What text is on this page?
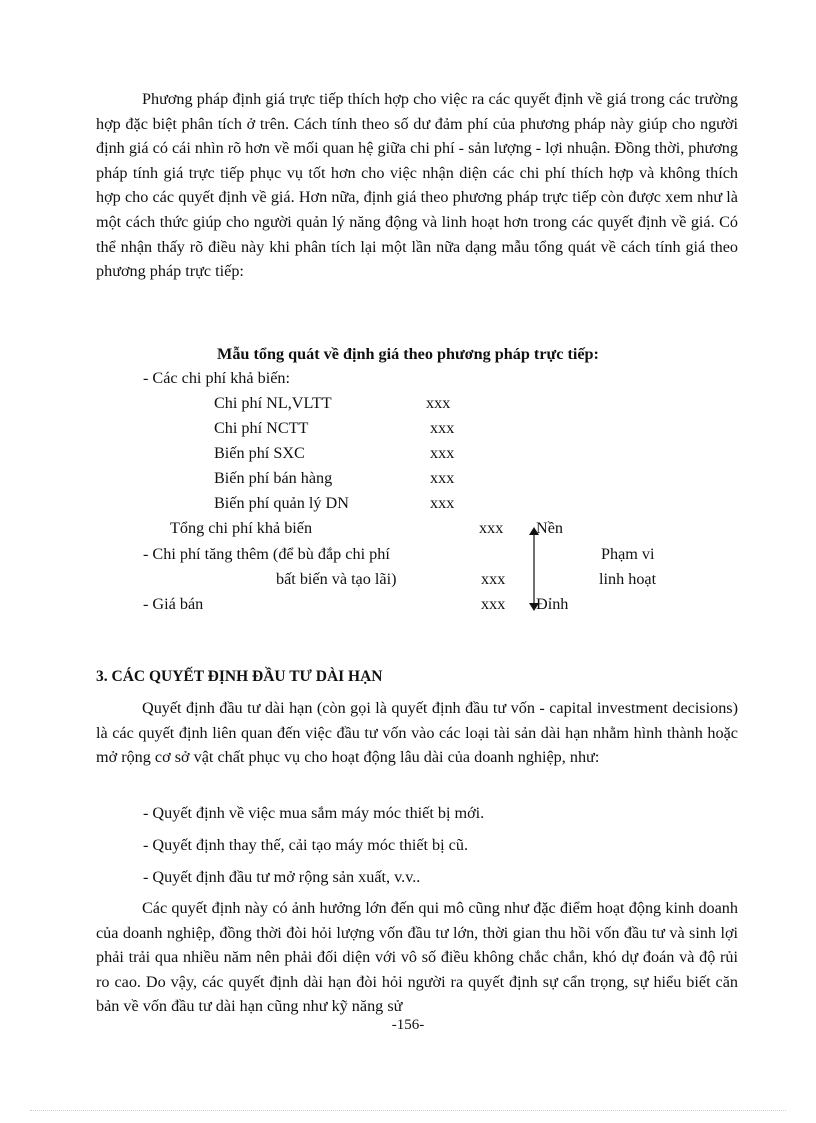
Phương pháp định giá trực tiếp thích hợp cho việc ra các quyết định về giá trong các trường hợp đặc biệt phân tích ở trên. Cách tính theo số dư đảm phí của phương pháp này giúp cho người định giá có cái nhìn rõ hơn về mối quan hệ giữa chi phí - sản lượng - lợi nhuận. Đồng thời, phương pháp tính giá trực tiếp phục vụ tốt hơn cho việc nhận diện các chi phí thích hợp và không thích hợp cho các quyết định về giá. Hơn nữa, định giá theo phương pháp trực tiếp còn được xem như là một cách thức giúp cho người quản lý năng động và linh hoạt hơn trong các quyết định về giá. Có thể nhận thấy rõ điều này khi phân tích lại một lần nữa dạng mẫu tổng quát về cách tính giá theo phương pháp trực tiếp:

Mẫu tổng quát về định giá theo phương pháp trực tiếp:

- Các chi phí khả biến:

Chi phí NL,VLTT	xxx

Chi phí NCTT	xxx

Biến phí SXC	xxx

Biến phí bán hàng	xxx

Biến phí quản lý DN	xxx

Tổng chi phí khả biến	xxx Nền

- Chi phí tăng thêm (để bù đắp chi phí	Phạm vi

bất biến và tạo lãi)	xxx	linh hoạt

- Giá bán	xxx Đỉnh

3. CÁC QUYẾT ĐỊNH ĐẦU TƯ DÀI HẠN

Quyết định đầu tư dài hạn (còn gọi là quyết định đầu tư vốn - capital investment decisions) là các quyết định liên quan đến việc đầu tư vốn vào các loại tài sản dài hạn nhằm hình thành hoặc mở rộng cơ sở vật chất phục vụ cho hoạt động lâu dài của doanh nghiệp, như:

- Quyết định về việc mua sắm máy móc thiết bị mới.

- Quyết định thay thế, cải tạo máy móc thiết bị cũ.

- Quyết định đầu tư mở rộng sản xuất, v.v..

Các quyết định này có ảnh hưởng lớn đến qui mô cũng như đặc điểm hoạt động kinh doanh của doanh nghiệp, đồng thời đòi hỏi lượng vốn đầu tư lớn, thời gian thu hồi vốn đầu tư và sinh lợi phải trải qua nhiều năm nên phải đối diện với vô số điều không chắc chắn, khó dự đoán và độ rủi ro cao. Do vậy, các quyết định dài hạn đòi hỏi người ra quyết định sự cẩn trọng, sự hiểu biết căn bản về vốn đầu tư dài hạn cũng như kỹ năng sử

-156-
